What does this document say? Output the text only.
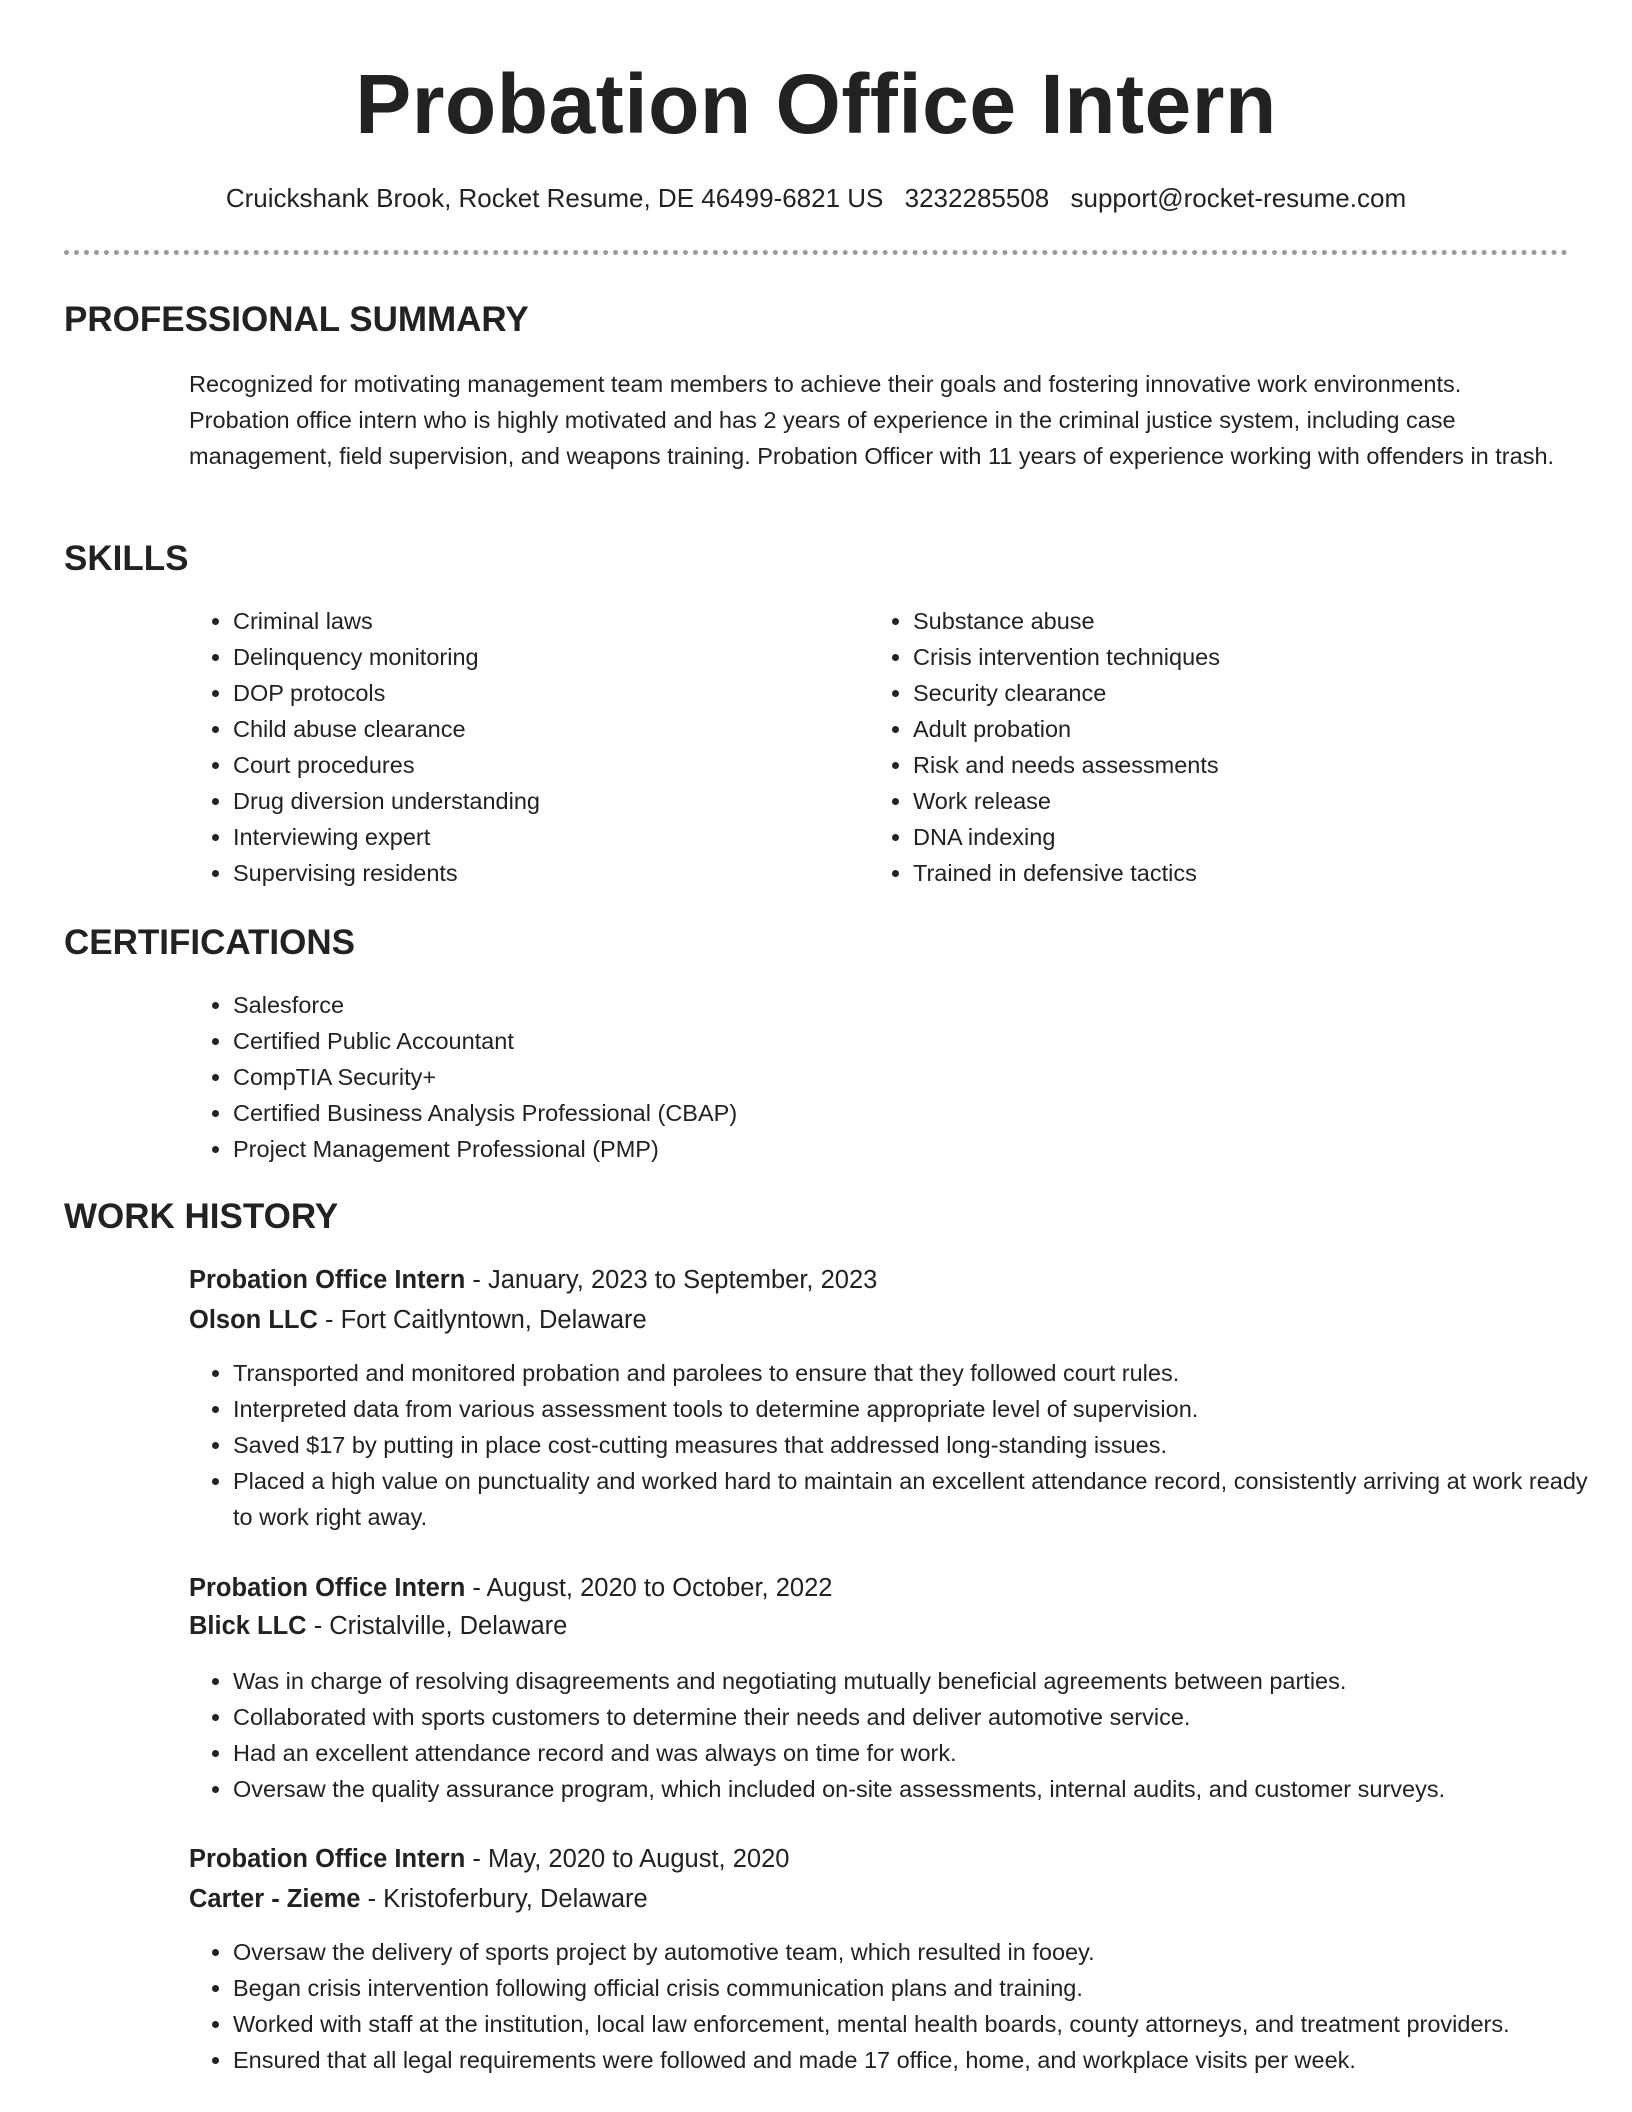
Probation Office Intern
Cruickshank Brook, Rocket Resume, DE 46499-6821 US 3232285508 support@rocket-resume.com
PROFESSIONAL SUMMARY

Recognized for motivating management team members to achieve their goals and fostering innovative work environments. Probation office intern who is highly motivated and has 2 years of experience in the criminal justice system, including case management, field supervision, and weapons training. Probation Officer with 11 years of experience working with offenders in trash.

SKILLS
• Criminal laws
• Delinquency monitoring
• DOP protocols
• Child abuse clearance
• Court procedures
• Drug diversion understanding
• Interviewing expert
• Supervising residents
• Substance abuse
• Crisis intervention techniques
• Security clearance
• Adult probation
• Risk and needs assessments
• Work release
• DNA indexing
• Trained in defensive tactics
CERTIFICATIONS
• Salesforce
• Certified Public Accountant
• CompTIA Security+
• Certified Business Analysis Professional (CBAP)
• Project Management Professional (PMP)
WORK HISTORY
Probation Office Intern - January, 2023 to September, 2023
Olson LLC - Fort Caitlyntown, Delaware
• Transported and monitored probation and parolees to ensure that they followed court rules.
• Interpreted data from various assessment tools to determine appropriate level of supervision.
• Saved $17 by putting in place cost-cutting measures that addressed long-standing issues.
• Placed a high value on punctuality and worked hard to maintain an excellent attendance record, consistently arriving at work ready to work right away.
Probation Office Intern - August, 2020 to October, 2022
Blick LLC - Cristalville, Delaware
• Was in charge of resolving disagreements and negotiating mutually beneficial agreements between parties.
• Collaborated with sports customers to determine their needs and deliver automotive service.
• Had an excellent attendance record and was always on time for work.
• Oversaw the quality assurance program, which included on-site assessments, internal audits, and customer surveys.
Probation Office Intern - May, 2020 to August, 2020
Carter - Zieme - Kristoferbury, Delaware
• Oversaw the delivery of sports project by automotive team, which resulted in fooey.
• Began crisis intervention following official crisis communication plans and training.
• Worked with staff at the institution, local law enforcement, mental health boards, county attorneys, and treatment providers.
• Ensured that all legal requirements were followed and made 17 office, home, and workplace visits per week.
